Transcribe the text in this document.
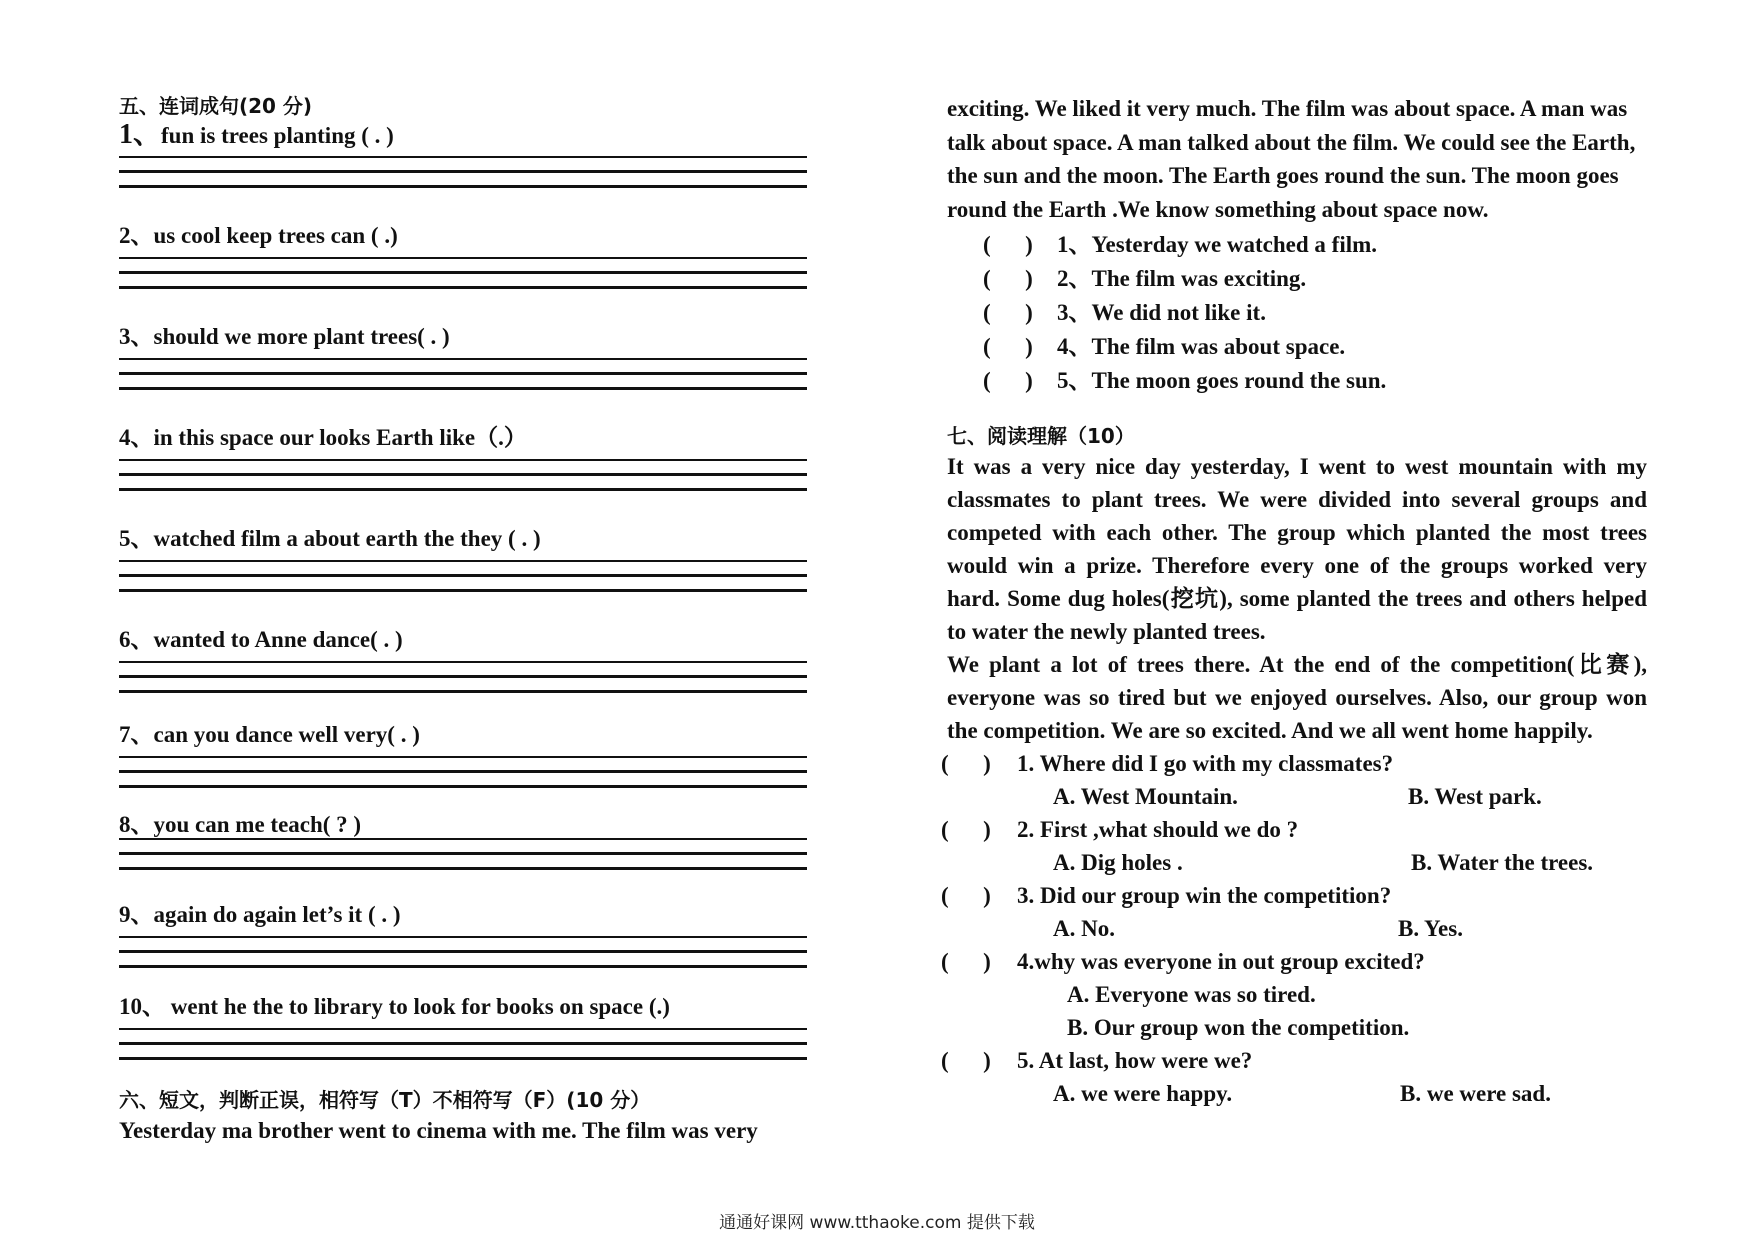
五、连词成句(20 分)

1、fun is trees planting ( . )

2、us cool keep trees can ( .)

3、should we more plant trees( . )

4、in this space our looks Earth like（.）

5、watched film a about earth the they ( . )

6、wanted to Anne dance( . )

7、can you dance well very( . )

8、you can me teach( ? )

9、again do again let’s it ( . )

10、 went he the to library to look for books on space (.)

六、短文，判断正误，相符写（T）不相符写（F）(10 分）

Yesterday ma brother went to cinema with me. The film was very

exciting. We liked it very much. The film was about space. A man was talk about space. A man talked about the film. We could see the Earth, the sun and the moon. The Earth goes round the sun. The moon goes round the Earth .We know something about space now.

(      )	1、Yesterday we watched a film.
(      )	2、The film was exciting.
(      )	3、We did not like it.
(      )	4、The film was about space.
(      )	5、The moon goes round the sun.

七、阅读理解（10）

It was a very nice day yesterday, I went to west mountain with my classmates to plant trees. We were divided into several groups and competed with each other. The group which planted the most trees would win a prize. Therefore every one of the groups worked very hard. Some dug holes(挖坑), some planted the trees and others helped to water the newly planted trees.

We plant a lot of trees there. At the end of the competition(比赛), everyone was so tired but we enjoyed ourselves. Also, our group won the competition. We are so excited. And we all went home happily.

(      )	1. Where did I go with my classmates?
A. West Mountain.	B. West park.
(      )	2. First ,what should we do ?
A. Dig holes .	B. Water the trees.
(      )	3. Did our group win the competition?
A. No.	B. Yes.
(      )	4.why was everyone in out group excited?
A. Everyone was so tired.
B. Our group won the competition.
(      )	5. At last, how were we?
A. we were happy.	B. we were sad.
通通好课网 www.tthaoke.com 提供下载
